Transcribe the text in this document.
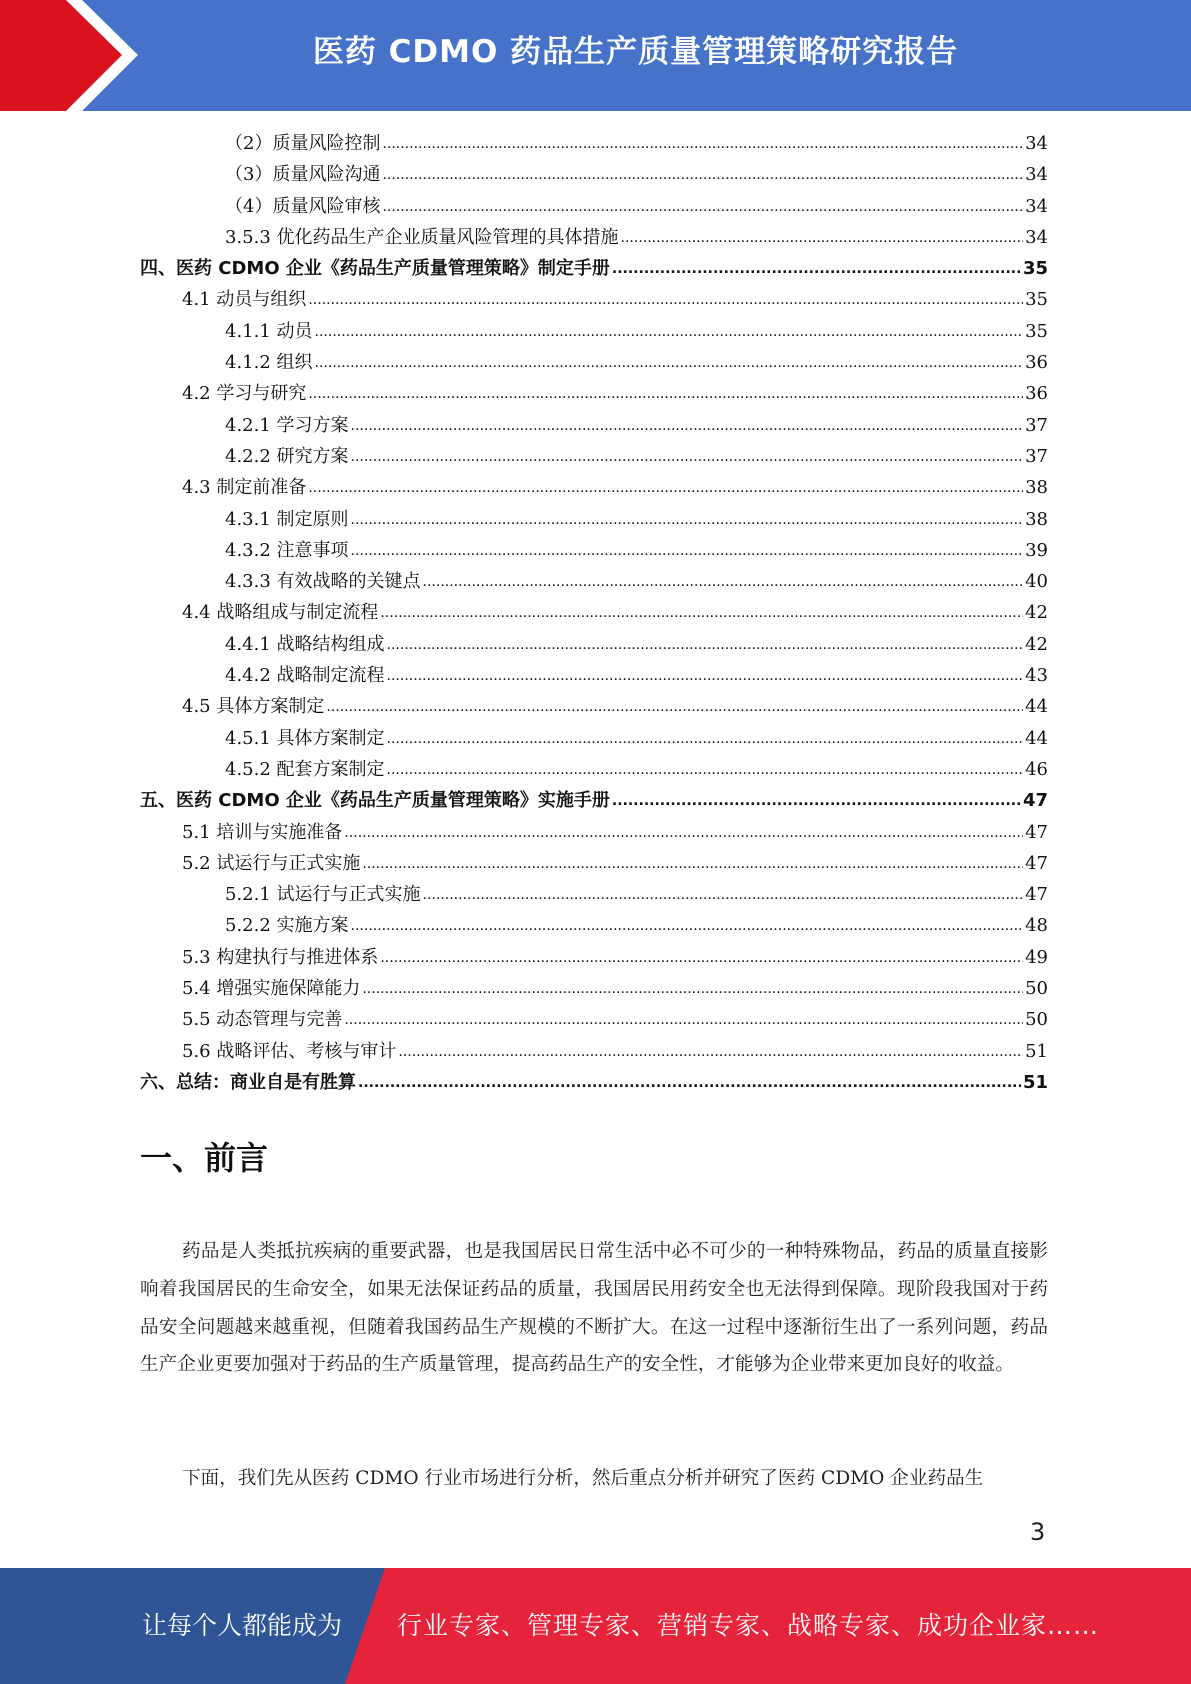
医药 CDMO 药品生产质量管理策略研究报告
（2）质量风险控制 .....	34
（3）质量风险沟通 .....	34
（4）质量风险审核 .....	34
3.5.3 优化药品生产企业质量风险管理的具体措施 .....	34
四、医药 CDMO 企业《药品生产质量管理策略》制定手册 .....	35
4.1 动员与组织 .....	35
4.1.1 动员 .....	35
4.1.2 组织 .....	36
4.2 学习与研究 .....	36
4.2.1 学习方案 .....	37
4.2.2 研究方案 .....	37
4.3 制定前准备 .....	38
4.3.1 制定原则 .....	38
4.3.2 注意事项 .....	39
4.3.3 有效战略的关键点 .....	40
4.4 战略组成与制定流程 .....	42
4.4.1 战略结构组成 .....	42
4.4.2 战略制定流程 .....	43
4.5 具体方案制定 .....	44
4.5.1 具体方案制定 .....	44
4.5.2 配套方案制定 .....	46
五、医药 CDMO 企业《药品生产质量管理策略》实施手册 .....	47
5.1 培训与实施准备 .....	47
5.2 试运行与正式实施 .....	47
5.2.1 试运行与正式实施 .....	47
5.2.2 实施方案 .....	48
5.3 构建执行与推进体系 .....	49
5.4 增强实施保障能力 .....	50
5.5 动态管理与完善 .....	50
5.6 战略评估、考核与审计 .....	51
六、总结：商业自是有胜算 .....	51
一、前言

药品是人类抵抗疾病的重要武器，也是我国居民日常生活中必不可少的一种特殊物品，药品的质量直接影响着我国居民的生命安全，如果无法保证药品的质量，我国居民用药安全也无法得到保障。现阶段我国对于药品安全问题越来越重视，但随着我国药品生产规模的不断扩大。在这一过程中逐渐衍生出了一系列问题，药品生产企业更要加强对于药品的生产质量管理，提高药品生产的安全性，才能够为企业带来更加良好的收益。

下面，我们先从医药 CDMO 行业市场进行分析，然后重点分析并研究了医药 CDMO 企业药品生

3
让每个人都能成为 行业专家、管理专家、营销专家、战略专家、成功企业家……
